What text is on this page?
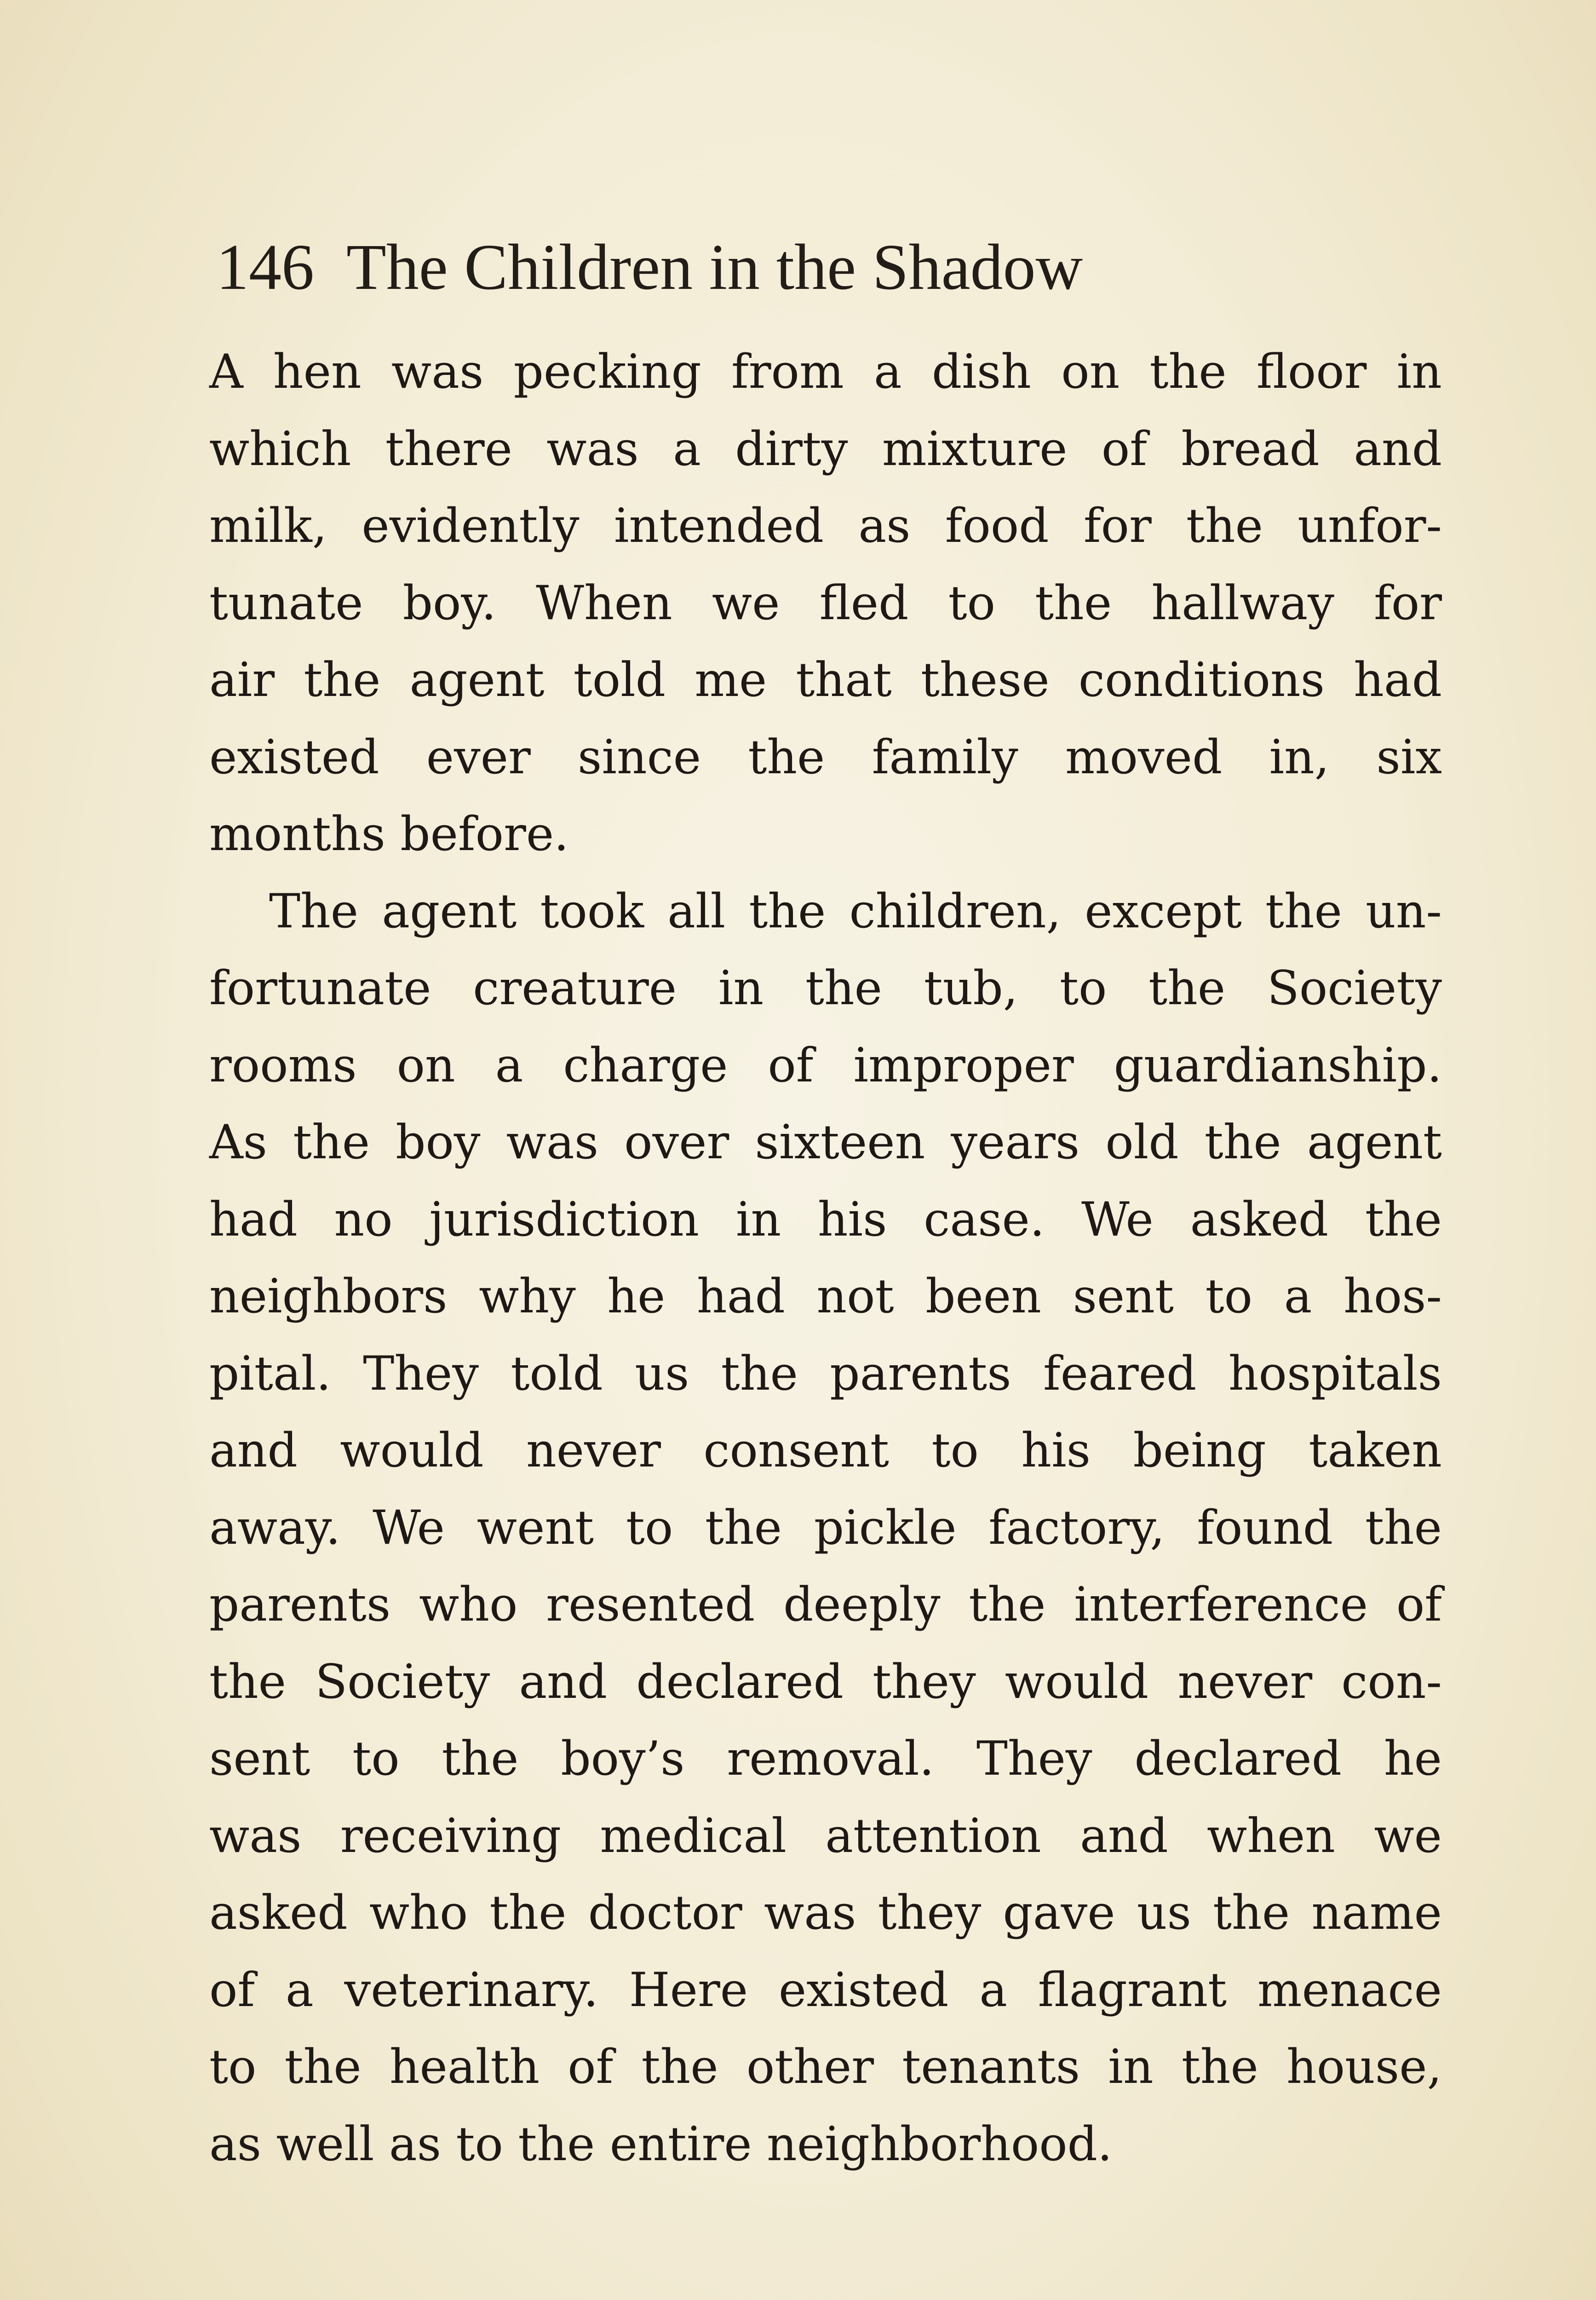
146 The Children in the Shadow
A hen was pecking from a dish on the floor in
which there was a dirty mixture of bread and
milk, evidently intended as food for the unfor-
tunate boy. When we fled to the hallway for
air the agent told me that these conditions had
existed ever since the family moved in, six
months before.
The agent took all the children, except the un-
fortunate creature in the tub, to the Society
rooms on a charge of improper guardianship.
As the boy was over sixteen years old the agent
had no jurisdiction in his case. We asked the
neighbors why he had not been sent to a hos-
pital. They told us the parents feared hospitals
and would never consent to his being taken
away. We went to the pickle factory, found the
parents who resented deeply the interference of
the Society and declared they would never con-
sent to the boy’s removal. They declared he
was receiving medical attention and when we
asked who the doctor was they gave us the name
of a veterinary. Here existed a flagrant menace
to the health of the other tenants in the house,
as well as to the entire neighborhood.
